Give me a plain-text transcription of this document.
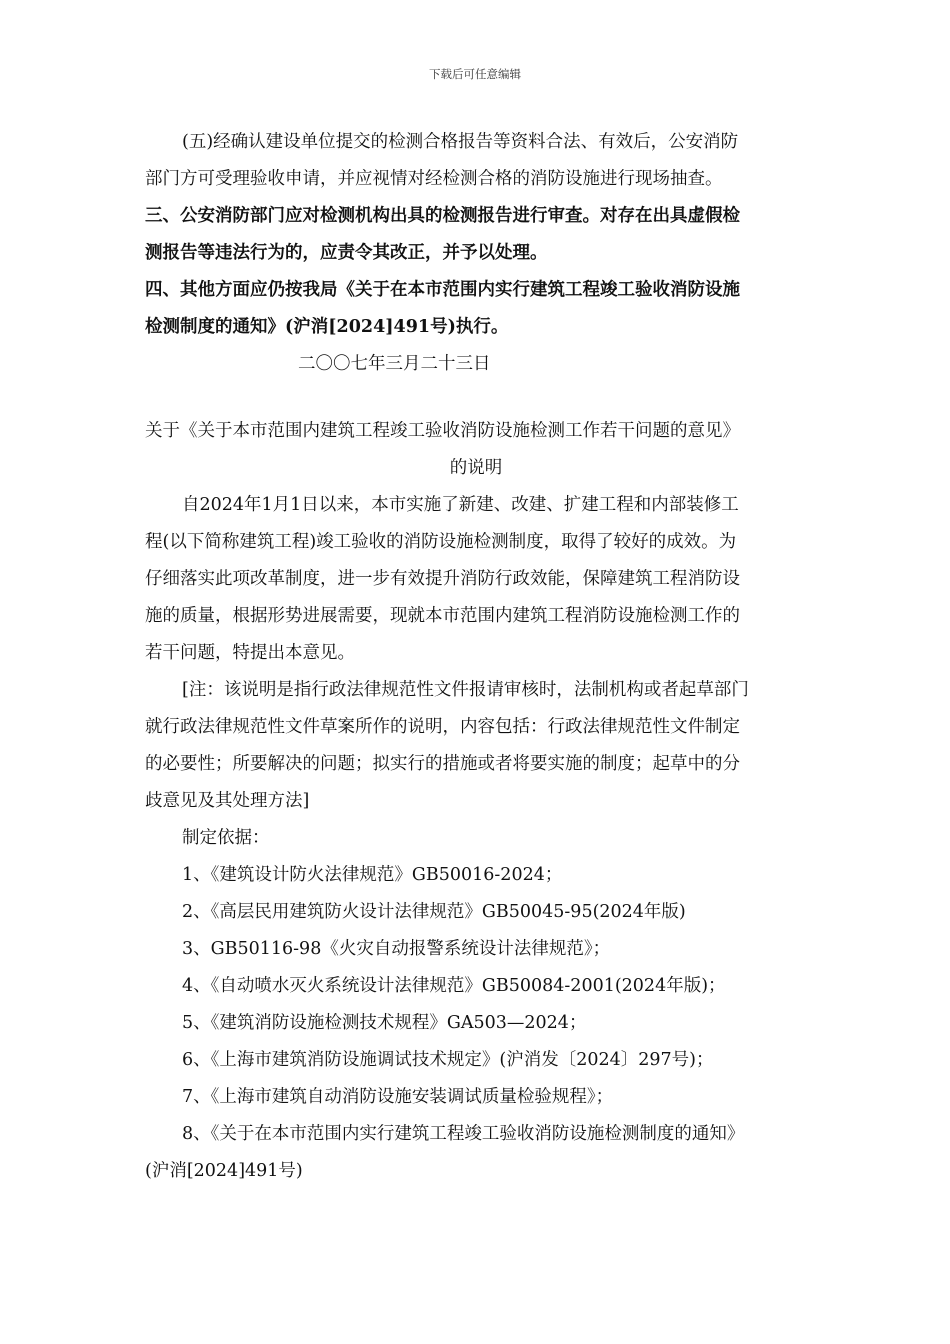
下载后可任意编辑
(五)经确认建设单位提交的检测合格报告等资料合法、有效后，公安消防
部门方可受理验收申请，并应视情对经检测合格的消防设施进行现场抽查。
三、公安消防部门应对检测机构出具的检测报告进行审查。对存在出具虚假检
测报告等违法行为的，应责令其改正，并予以处理。
四、其他方面应仍按我局《关于在本市范围内实行建筑工程竣工验收消防设施
检测制度的通知》(沪消[2024]491号)执行。
二〇〇七年三月二十三日
关于《关于本市范围内建筑工程竣工验收消防设施检测工作若干问题的意见》
的说明
自2024年1月1日以来，本市实施了新建、改建、扩建工程和内部装修工
程(以下简称建筑工程)竣工验收的消防设施检测制度，取得了较好的成效。为
仔细落实此项改革制度，进一步有效提升消防行政效能，保障建筑工程消防设
施的质量，根据形势进展需要，现就本市范围内建筑工程消防设施检测工作的
若干问题，特提出本意见。
[注：该说明是指行政法律规范性文件报请审核时，法制机构或者起草部门
就行政法律规范性文件草案所作的说明，内容包括：行政法律规范性文件制定
的必要性；所要解决的问题；拟实行的措施或者将要实施的制度；起草中的分
歧意见及其处理方法]
制定依据：
1、《建筑设计防火法律规范》GB50016-2024；
2、《高层民用建筑防火设计法律规范》GB50045-95(2024年版)
3、GB50116-98《火灾自动报警系统设计法律规范》；
4、《自动喷水灭火系统设计法律规范》GB50084-2001(2024年版)；
5、《建筑消防设施检测技术规程》GA503—2024；
6、《上海市建筑消防设施调试技术规定》(沪消发〔2024〕297号)；
7、《上海市建筑自动消防设施安装调试质量检验规程》；
8、《关于在本市范围内实行建筑工程竣工验收消防设施检测制度的通知》
(沪消[2024]491号)
